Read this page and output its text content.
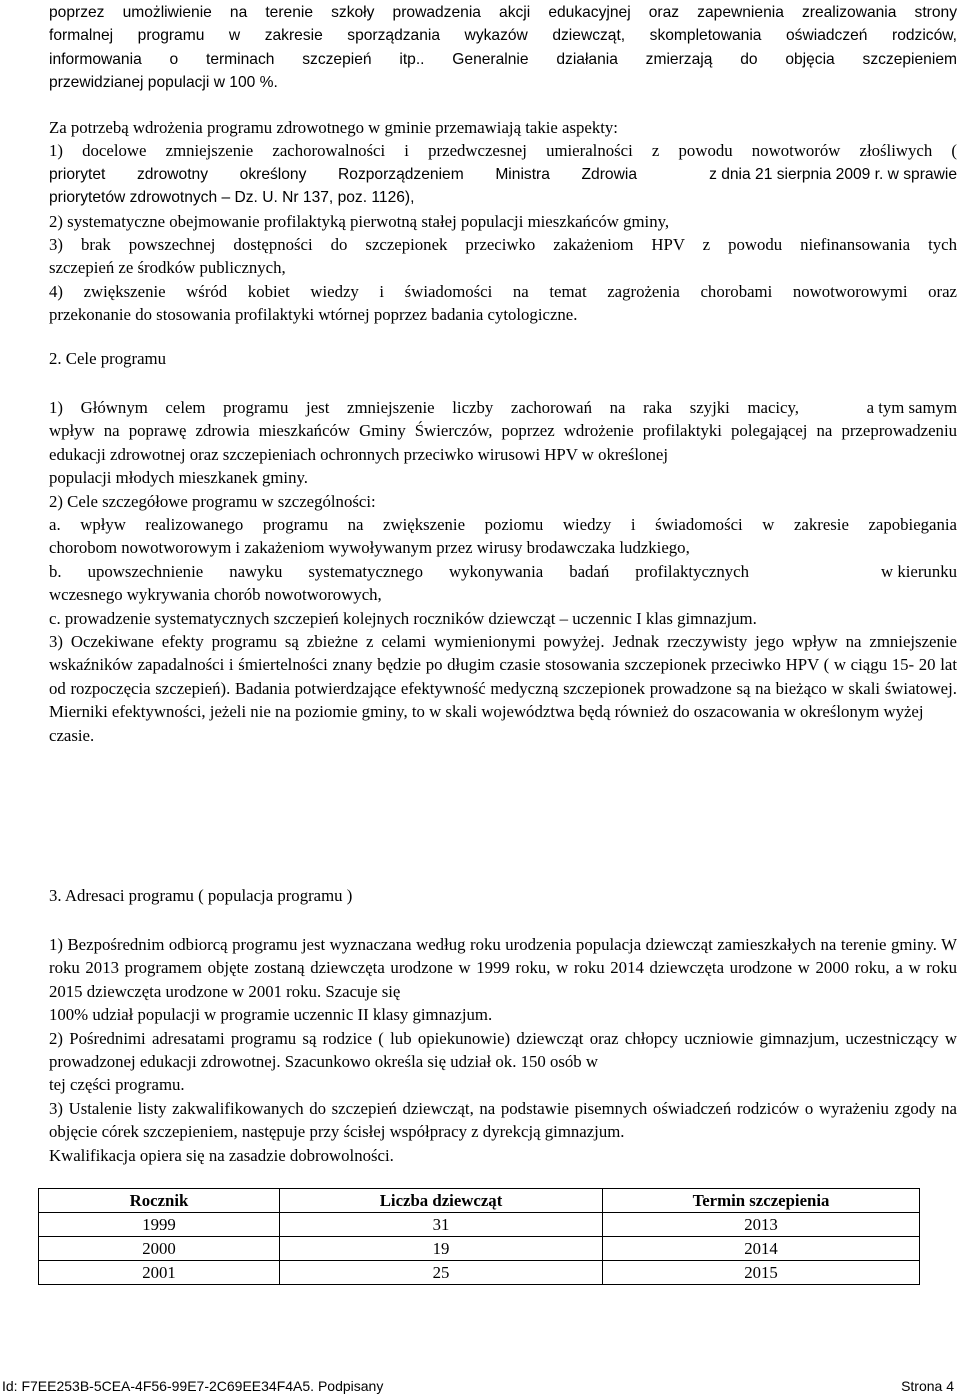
poprzez umożliwienie na terenie szkoły prowadzenia akcji edukacyjnej oraz zapewnienia zrealizowania strony

formalnej programu w zakresie sporządzania wykazów dziewcząt, skompletowania oświadczeń rodziców,

informowania o terminach szczepień itp.. Generalnie działania zmierzają do objęcia szczepieniem

przewidzianej populacji w 100 %.

Za potrzebą wdrożenia programu zdrowotnego w gminie przemawiają takie aspekty:

1) docelowe zmniejszenie zachorowalności i przedwczesnej umieralności z powodu nowotworów złośliwych (

priorytet zdrowotny określony Rozporządzeniem Ministra Zdrowia	z dnia 21 sierpnia 2009 r. w sprawie

priorytetów zdrowotnych – Dz. U. Nr 137, poz. 1126),

2) systematyczne obejmowanie profilaktyką pierwotną stałej populacji mieszkańców gminy,

3) brak powszechnej dostępności do szczepionek przeciwko zakażeniom HPV z powodu niefinansowania tych

szczepień ze środków publicznych,

4) zwiększenie wśród kobiet wiedzy i świadomości na temat zagrożenia chorobami nowotworowymi oraz

przekonanie do stosowania profilaktyki wtórnej poprzez badania cytologiczne.

2. Cele programu

1) Głównym celem programu jest zmniejszenie liczby zachorowań na raka szyjki macicy,	a tym samym

wpływ na poprawę zdrowia mieszkańców Gminy Świerczów, poprzez wdrożenie profilaktyki polegającej na przeprowadzeniu edukacji zdrowotnej oraz szczepieniach ochronnych przeciwko wirusowi HPV w określonej

populacji młodych mieszkanek gminy.

2) Cele szczegółowe programu w szczególności:

a. wpływ realizowanego programu na zwiększenie poziomu wiedzy i świadomości w zakresie zapobiegania

chorobom nowotworowym i zakażeniom wywoływanym przez wirusy brodawczaka ludzkiego,

b. upowszechnienie nawyku systematycznego wykonywania badań profilaktycznych	w kierunku

wczesnego wykrywania chorób nowotworowych,

c. prowadzenie systematycznych szczepień kolejnych roczników dziewcząt – uczennic I klas gimnazjum.

3) Oczekiwane efekty programu są zbieżne z celami wymienionymi powyżej. Jednak rzeczywisty jego wpływ na zmniejszenie wskaźników zapadalności i śmiertelności znany będzie po długim czasie stosowania szczepionek przeciwko HPV ( w ciągu 15- 20 lat od rozpoczęcia szczepień). Badania potwierdzające efektywność medyczną szczepionek prowadzone są na bieżąco w skali światowej. Mierniki efektywności, jeżeli nie na poziomie gminy, to w skali województwa będą również do oszacowania w określonym wyżej

czasie.

3. Adresaci programu ( populacja programu )

1) Bezpośrednim odbiorcą programu jest wyznaczana według roku urodzenia populacja dziewcząt zamieszkałych na terenie gminy. W roku 2013 programem objęte zostaną dziewczęta urodzone w 1999 roku, w roku 2014 dziewczęta urodzone w 2000 roku, a w roku 2015 dziewczęta urodzone w 2001 roku. Szacuje się

100% udział populacji w programie uczennic II klasy gimnazjum.

2) Pośrednimi adresatami programu są rodzice ( lub opiekunowie) dziewcząt oraz chłopcy uczniowie gimnazjum, uczestniczący w prowadzonej edukacji zdrowotnej. Szacunkowo określa się udział ok. 150 osób w

tej części programu.

3) Ustalenie listy zakwalifikowanych do szczepień dziewcząt, na podstawie pisemnych oświadczeń rodziców o wyrażeniu zgody na objęcie córek szczepieniem, następuje przy ścisłej współpracy z dyrekcją gimnazjum.

Kwalifikacja opiera się na zasadzie dobrowolności.

Rocznik	Liczba dziewcząt	Termin szczepienia
1999	31	2013
2000	19	2014
2001	25	2015
Id: F7EE253B-5CEA-4F56-99E7-2C69EE34F4A5. Podpisany	Strona 4
